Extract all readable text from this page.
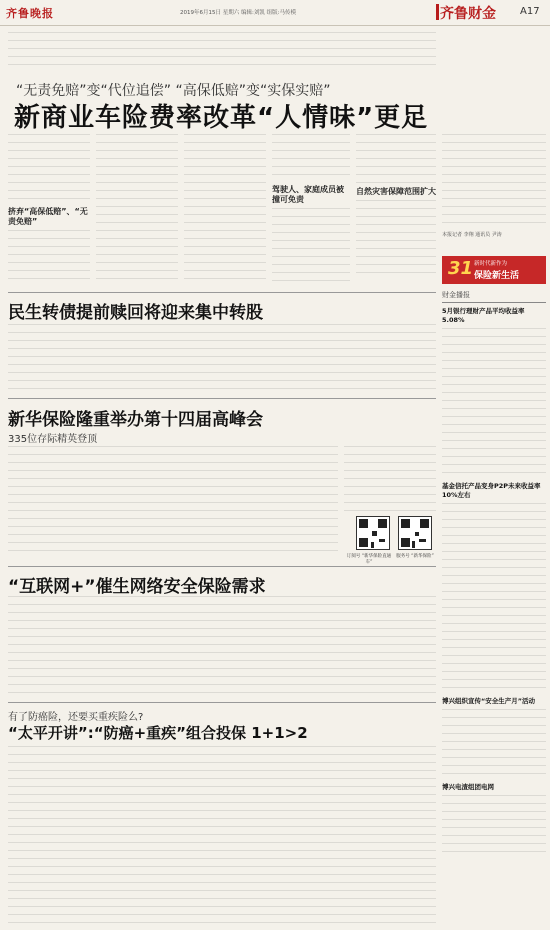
齐鲁晚报	2019年6月15日 星期六 编辑:刘凯 组版:马传模	齐鲁财金 A17
“无责免赔”变“代位追偿” “高保低赔”变“实保实赔”
新商业车险费率改革“人情味”更足
挤弃“高保低赔”、“无责免赔”
驾驶人、家庭成员被撞可免责
自然灾害保障范围扩大
本报记者 李翔 通讯员 尹涛
31 新时代新作为
保险新生活
民生转债提前赎回将迎来集中转股
新华保险隆重举办第十四届高峰会
335位存际精英登顶
订阅号 “新华保险直通车”
服务号 “新华保险”
“互联网+”催生网络安全保险需求
有了防癌险，还要买重疾险么?
“太平开讲”:“防癌+重疾”组合投保 1+1>2
财金播报
5月银行理财产品平均收益率5.08%
基金信托产品变身P2P未来收益率10%左右
博兴组织宣传“安全生产月”活动
博兴电渣组团电网
